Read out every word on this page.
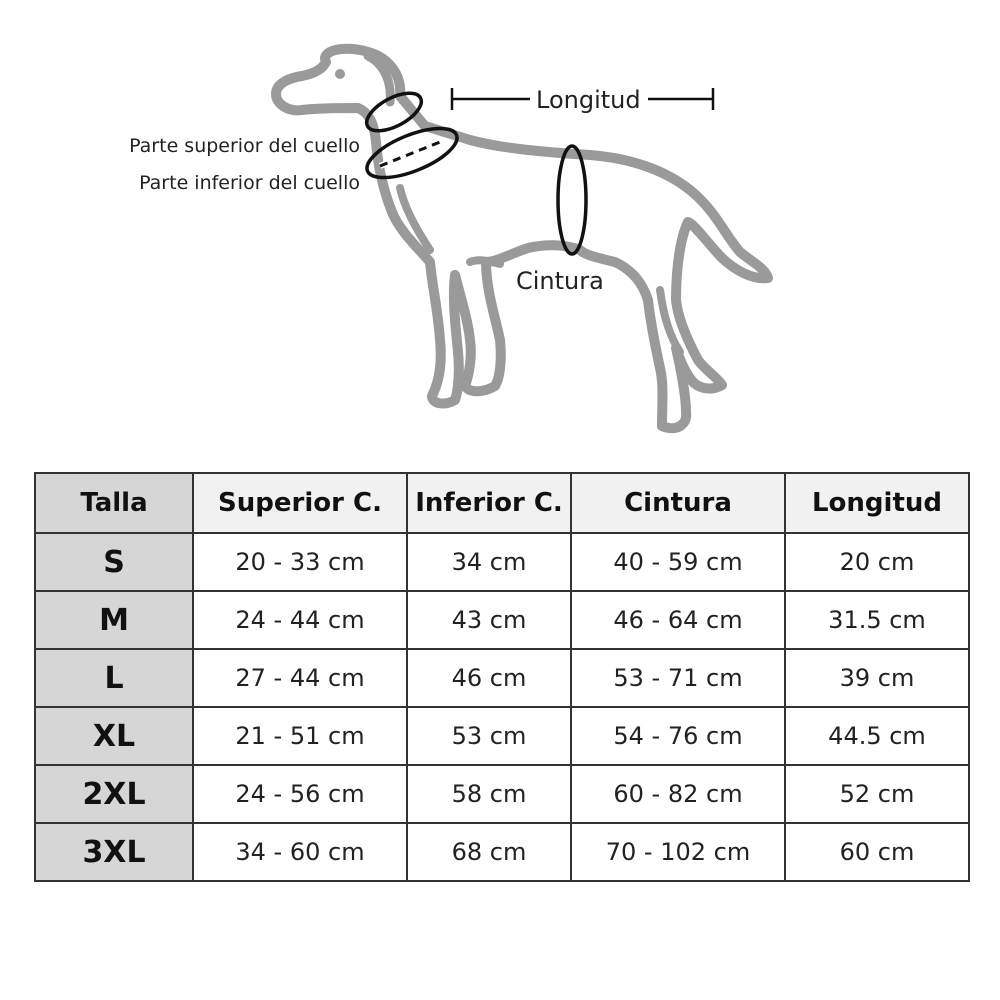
Parte superior del cuello
Parte inferior del cuello
Longitud
Cintura
Talla	Superior C.	Inferior C.	Cintura	Longitud
S	20 - 33 cm	34 cm	40 - 59 cm	20 cm
M	24 - 44 cm	43 cm	46 - 64 cm	31.5 cm
L	27 - 44 cm	46 cm	53 - 71 cm	39 cm
XL	21 - 51 cm	53 cm	54 - 76 cm	44.5 cm
2XL	24 - 56 cm	58 cm	60 - 82 cm	52 cm
3XL	34 - 60 cm	68 cm	70 - 102 cm	60 cm
